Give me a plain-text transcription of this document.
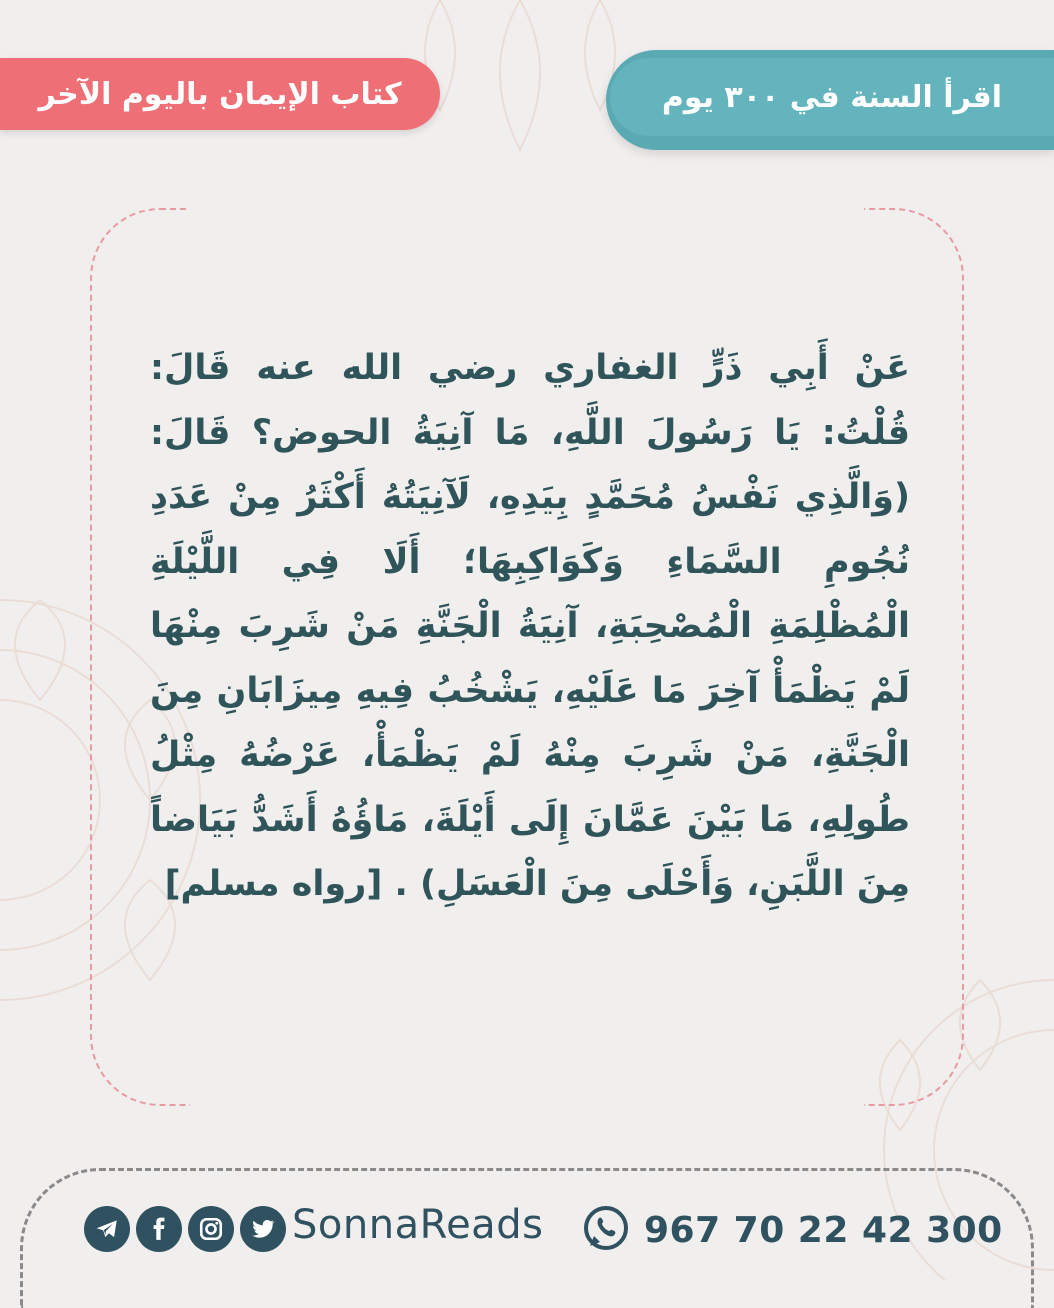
كتاب الإيمان باليوم الآخر	اقرأ السنة في ٣٠٠ يوم

عَنْ أَبِي ذَرٍّ الغفاري رضي الله عنه قَالَ: قُلْتُ: يَا رَسُولَ اللَّهِ، مَا آنِيَةُ الحوض؟ قَالَ: (وَالَّذِي نَفْسُ مُحَمَّدٍ بِيَدِهِ، لَآنِيَتُهُ أَكْثَرُ مِنْ عَدَدِ نُجُومِ السَّمَاءِ وَكَوَاكِبِهَا؛ أَلَا فِي اللَّيْلَةِ الْمُظْلِمَةِ الْمُصْحِبَةِ، آنِيَةُ الْجَنَّةِ مَنْ شَرِبَ مِنْهَا لَمْ يَظْمَأْ آخِرَ مَا عَلَيْهِ، يَشْخُبُ فِيهِ مِيزَابَانِ مِنَ الْجَنَّةِ، مَنْ شَرِبَ مِنْهُ لَمْ يَظْمَأْ، عَرْضُهُ مِثْلُ طُولِهِ، مَا بَيْنَ عَمَّانَ إِلَى أَيْلَةَ، مَاؤُهُ أَشَدُّ بَيَاضاً مِنَ اللَّبَنِ، وَأَحْلَى مِنَ الْعَسَلِ) . [رواه مسلم]

SonnaReads	967 70 22 42 300
